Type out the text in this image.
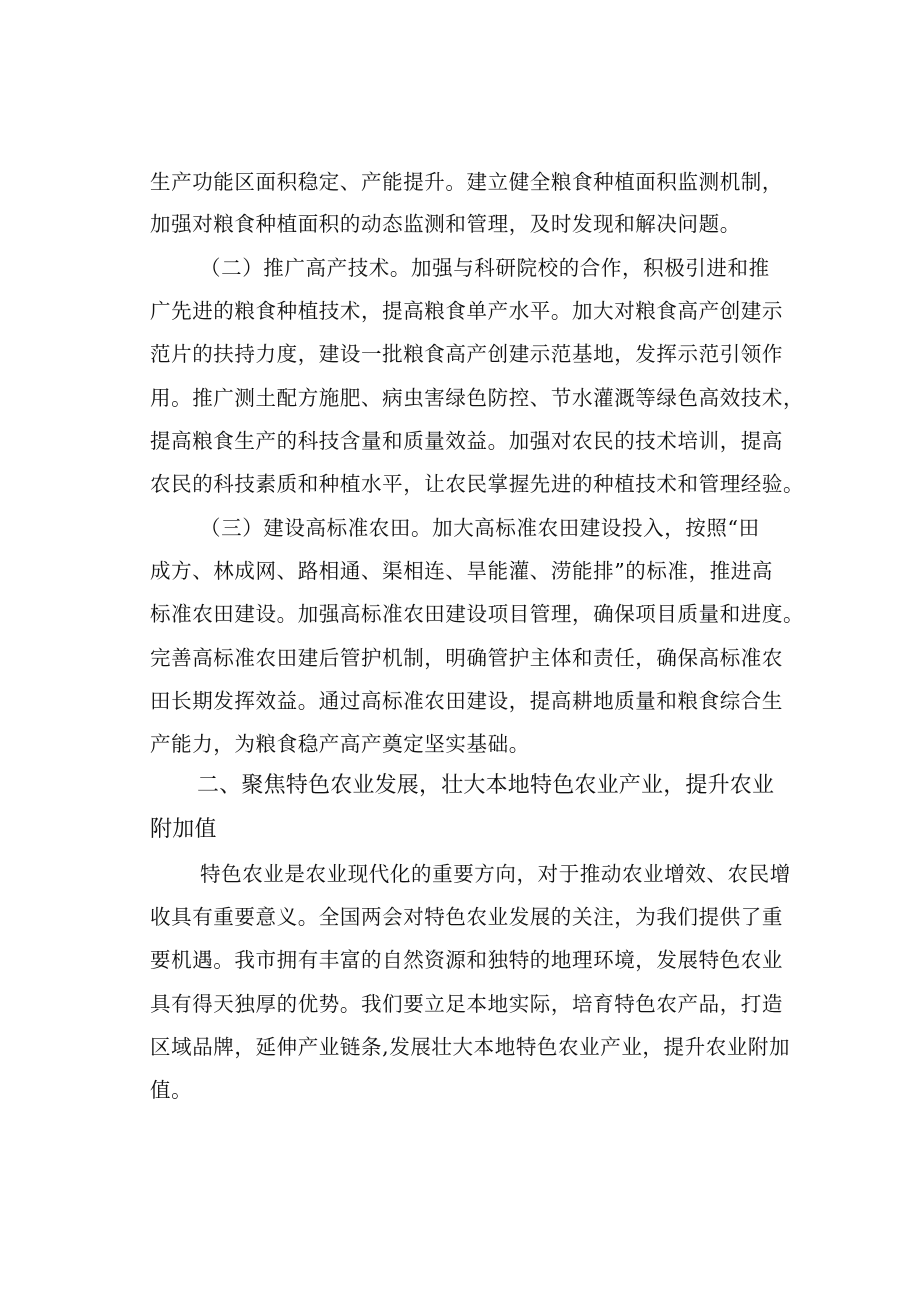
生产功能区面积稳定、产能提升。建立健全粮食种植面积监测机制，
加强对粮食种植面积的动态监测和管理，及时发现和解决问题。
（二）推广高产技术。加强与科研院校的合作，积极引进和推
广先进的粮食种植技术，提高粮食单产水平。加大对粮食高产创建示
范片的扶持力度，建设一批粮食高产创建示范基地，发挥示范引领作
用。推广测土配方施肥、病虫害绿色防控、节水灌溉等绿色高效技术，
提高粮食生产的科技含量和质量效益。加强对农民的技术培训，提高
农民的科技素质和种植水平，让农民掌握先进的种植技术和管理经验。
（三）建设高标准农田。加大高标准农田建设投入，按照“田
成方、林成网、路相通、渠相连、旱能灌、涝能排”的标准，推进高
标准农田建设。加强高标准农田建设项目管理，确保项目质量和进度。
完善高标准农田建后管护机制，明确管护主体和责任，确保高标准农
田长期发挥效益。通过高标准农田建设，提高耕地质量和粮食综合生
产能力，为粮食稳产高产奠定坚实基础。
二、聚焦特色农业发展，壮大本地特色农业产业，提升农业
附加值
特色农业是农业现代化的重要方向，对于推动农业增效、农民增
收具有重要意义。全国两会对特色农业发展的关注，为我们提供了重
要机遇。我市拥有丰富的自然资源和独特的地理环境，发展特色农业
具有得天独厚的优势。我们要立足本地实际，培育特色农产品，打造
区域品牌，延伸产业链条,发展壮大本地特色农业产业，提升农业附加
值。
